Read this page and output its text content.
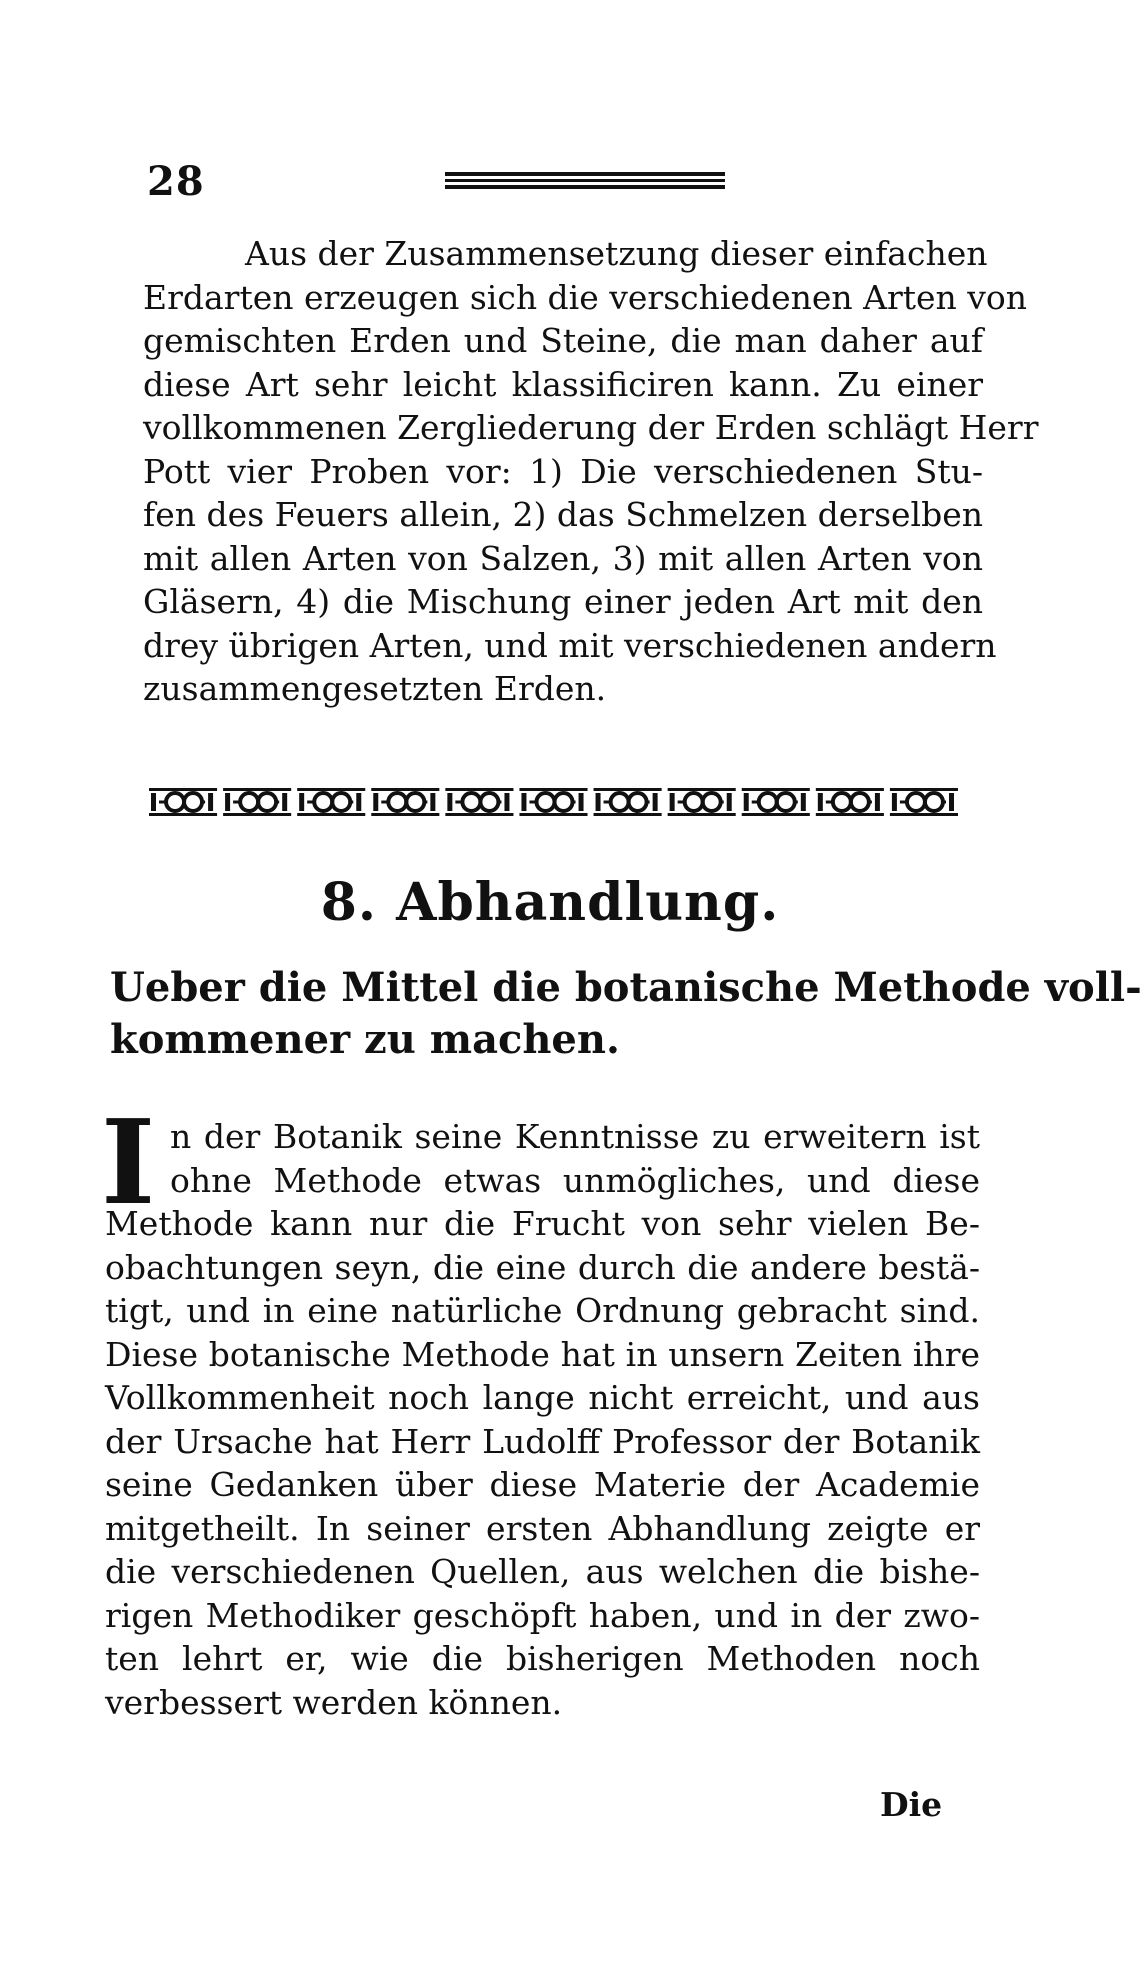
28
Aus der Zusammensetzung dieser einfachen
Erdarten erzeugen sich die verschiedenen Arten von
gemischten Erden und Steine, die man daher auf
diese Art sehr leicht klassificiren kann. Zu einer
vollkommenen Zergliederung der Erden schlägt Herr
Pott vier Proben vor: 1) Die verschiedenen Stu-
fen des Feuers allein, 2) das Schmelzen derselben
mit allen Arten von Salzen, 3) mit allen Arten von
Gläsern, 4) die Mischung einer jeden Art mit den
drey übrigen Arten, und mit verschiedenen andern
zusammengesetzten Erden.
8. Abhandlung.
Ueber die Mittel die botanische Methode voll-
kommener zu machen.
I n der Botanik seine Kenntnisse zu erweitern ist
ohne Methode etwas unmögliches, und diese
Methode kann nur die Frucht von sehr vielen Be-
obachtungen seyn, die eine durch die andere bestä-
tigt, und in eine natürliche Ordnung gebracht sind.
Diese botanische Methode hat in unsern Zeiten ihre
Vollkommenheit noch lange nicht erreicht, und aus
der Ursache hat Herr Ludolff Professor der Botanik
seine Gedanken über diese Materie der Academie
mitgetheilt. In seiner ersten Abhandlung zeigte er
die verschiedenen Quellen, aus welchen die bishe-
rigen Methodiker geschöpft haben, und in der zwo-
ten lehrt er, wie die bisherigen Methoden noch
verbessert werden können.
Die
